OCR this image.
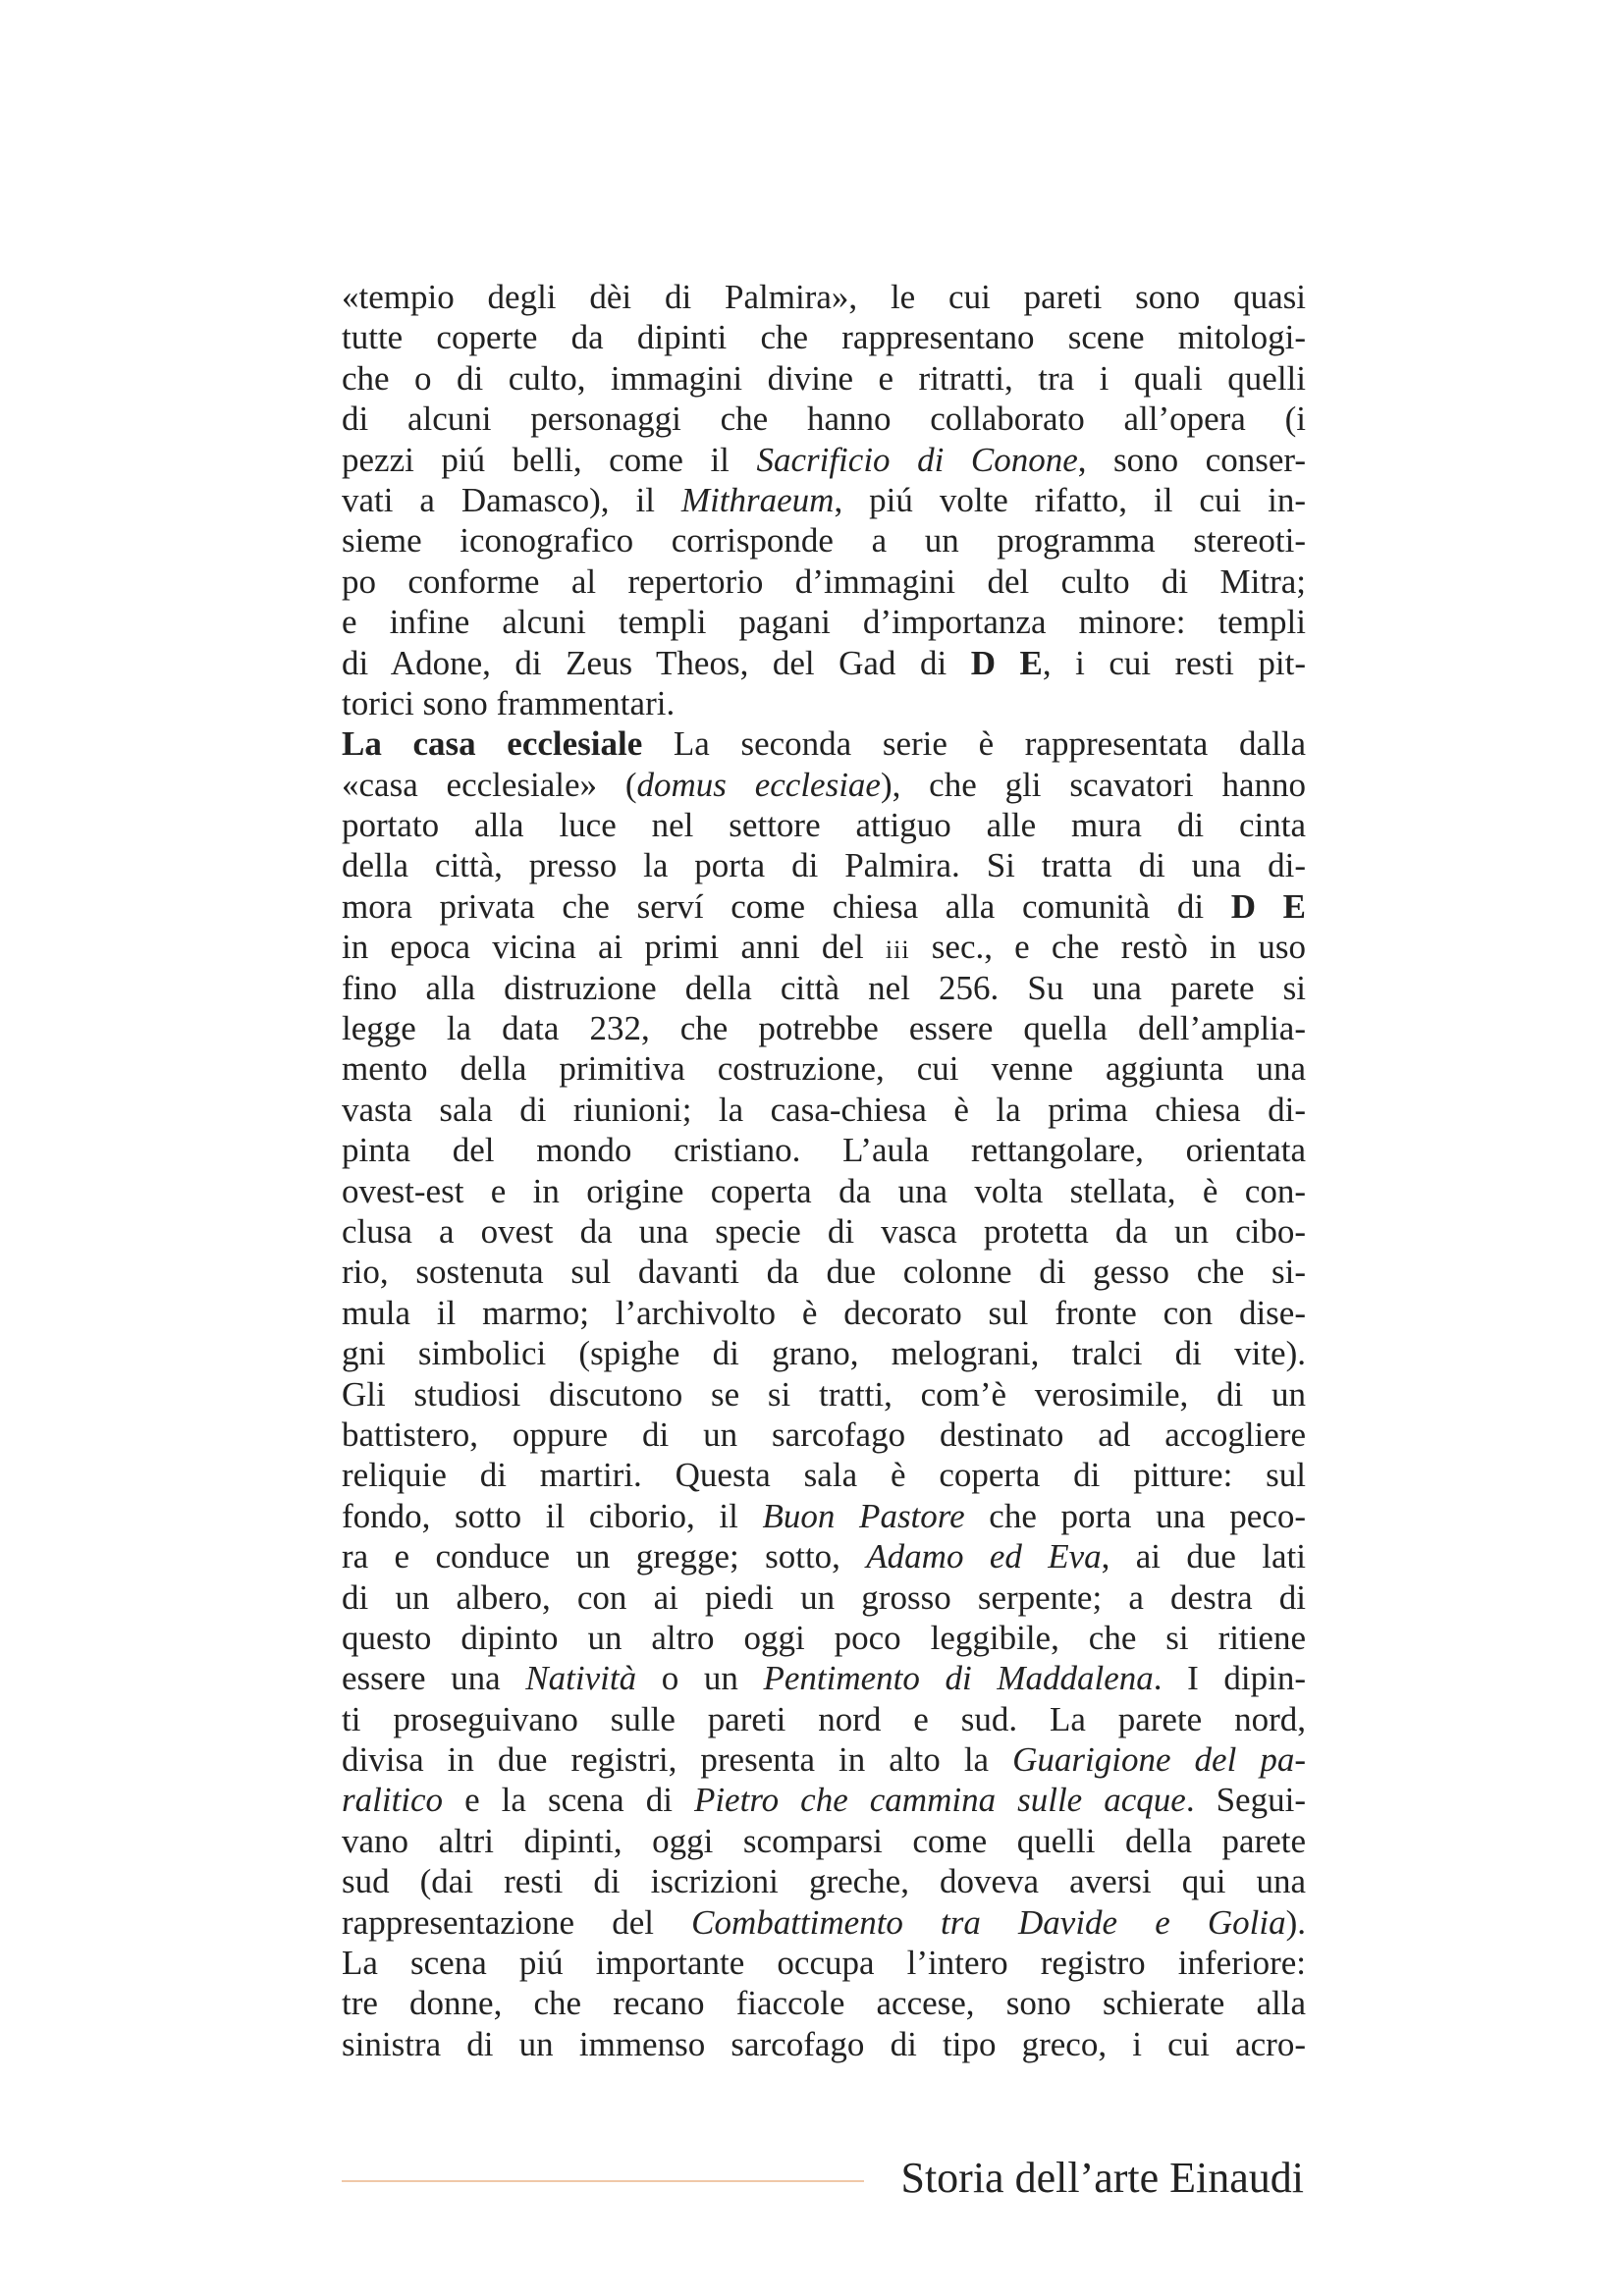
«tempio degli dèi di Palmira», le cui pareti sono quasi
tutte coperte da dipinti che rappresentano scene mitologi-
che o di culto, immagini divine e ritratti, tra i quali quelli
di alcuni personaggi che hanno collaborato all’opera (i
pezzi piú belli, come il Sacrificio di Conone, sono conser-
vati a Damasco), il Mithraeum, piú volte rifatto, il cui in-
sieme iconografico corrisponde a un programma stereoti-
po conforme al repertorio d’immagini del culto di Mitra;
e infine alcuni templi pagani d’importanza minore: templi
di Adone, di Zeus Theos, del Gad di D E, i cui resti pit-
torici sono frammentari.
La casa ecclesiale La seconda serie è rappresentata dalla
«casa ecclesiale» (domus ecclesiae), che gli scavatori hanno
portato alla luce nel settore attiguo alle mura di cinta
della città, presso la porta di Palmira. Si tratta di una di-
mora privata che serví come chiesa alla comunità di D E
in epoca vicina ai primi anni del iii sec., e che restò in uso
fino alla distruzione della città nel 256. Su una parete si
legge la data 232, che potrebbe essere quella dell’amplia-
mento della primitiva costruzione, cui venne aggiunta una
vasta sala di riunioni; la casa-chiesa è la prima chiesa di-
pinta del mondo cristiano. L’aula rettangolare, orientata
ovest-est e in origine coperta da una volta stellata, è con-
clusa a ovest da una specie di vasca protetta da un cibo-
rio, sostenuta sul davanti da due colonne di gesso che si-
mula il marmo; l’archivolto è decorato sul fronte con dise-
gni simbolici (spighe di grano, melograni, tralci di vite).
Gli studiosi discutono se si tratti, com’è verosimile, di un
battistero, oppure di un sarcofago destinato ad accogliere
reliquie di martiri. Questa sala è coperta di pitture: sul
fondo, sotto il ciborio, il Buon Pastore che porta una peco-
ra e conduce un gregge; sotto, Adamo ed Eva, ai due lati
di un albero, con ai piedi un grosso serpente; a destra di
questo dipinto un altro oggi poco leggibile, che si ritiene
essere una Natività o un Pentimento di Maddalena. I dipin-
ti proseguivano sulle pareti nord e sud. La parete nord,
divisa in due registri, presenta in alto la Guarigione del pa-
ralitico e la scena di Pietro che cammina sulle acque. Segui-
vano altri dipinti, oggi scomparsi come quelli della parete
sud (dai resti di iscrizioni greche, doveva aversi qui una
rappresentazione del Combattimento tra Davide e Golia).
La scena piú importante occupa l’intero registro inferiore:
tre donne, che recano fiaccole accese, sono schierate alla
sinistra di un immenso sarcofago di tipo greco, i cui acro-
Storia dell’arte Einaudi
